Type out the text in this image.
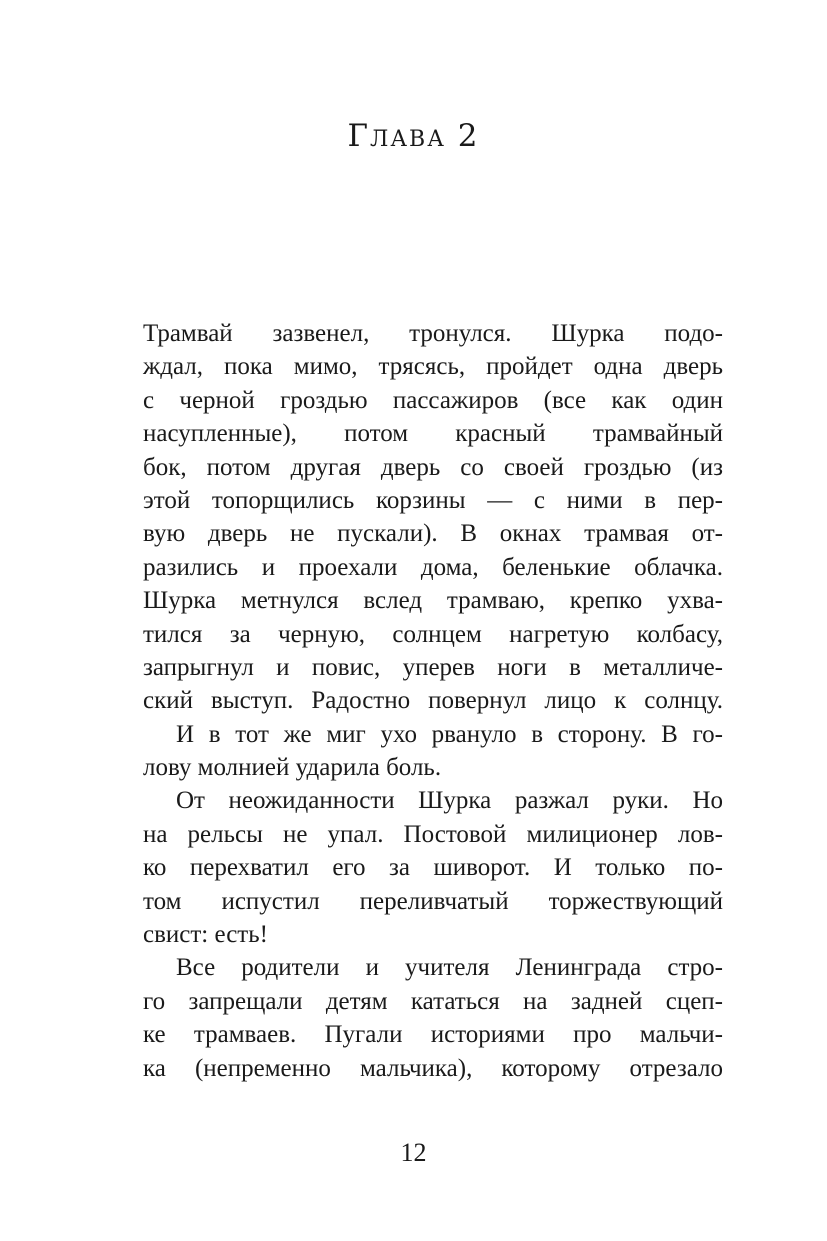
Глава 2
Трамвай зазвенел, тронулся. Шурка подо-
ждал, пока мимо, трясясь, пройдет одна дверь
с черной гроздью пассажиров (все как один
насупленные), потом красный трамвайный
бок, потом другая дверь со своей гроздью (из
этой топорщились корзины — с ними в пер-
вую дверь не пускали). В окнах трамвая от-
разились и проехали дома, беленькие облачка.
Шурка метнулся вслед трамваю, крепко ухва-
тился за черную, солнцем нагретую колбасу,
запрыгнул и повис, уперев ноги в металличе-
ский выступ. Радостно повернул лицо к солнцу.
И в тот же миг ухо рвануло в сторону. В го-
лову молнией ударила боль.
От неожиданности Шурка разжал руки. Но
на рельсы не упал. Постовой милиционер лов-
ко перехватил его за шиворот. И только по-
том испустил переливчатый торжествующий
свист: есть!
Все родители и учителя Ленинграда стро-
го запрещали детям кататься на задней сцеп-
ке трамваев. Пугали историями про мальчи-
ка (непременно мальчика), которому отрезало
12
